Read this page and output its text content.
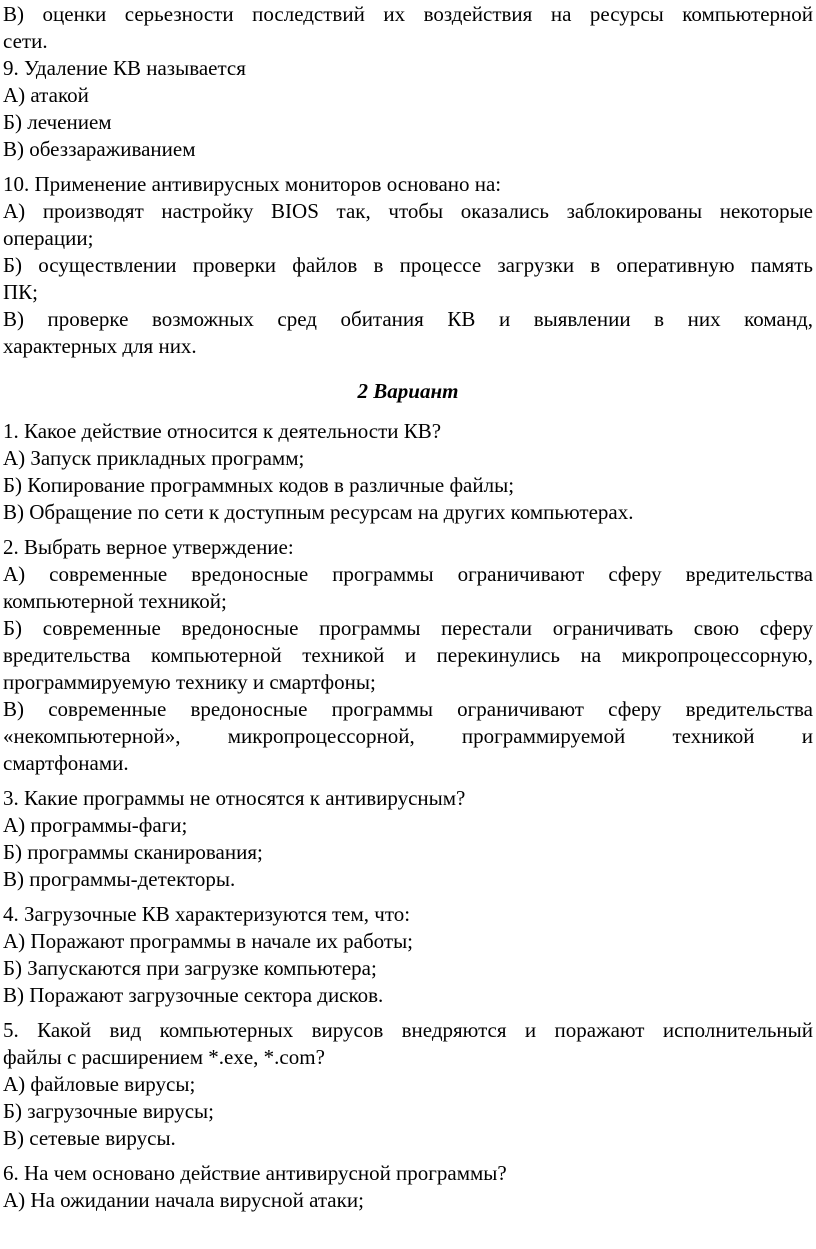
В) оценки серьезности последствий их воздействия на ресурсы компьютерной
сети.
9. Удаление КВ называется
А) атакой
Б) лечением
В) обеззараживанием
10. Применение антивирусных мониторов основано на:
А) производят настройку BIOS так, чтобы оказались заблокированы некоторые
операции;
Б) осуществлении проверки файлов в процессе загрузки в оперативную память
ПК;
В) проверке возможных сред обитания КВ и выявлении в них команд,
характерных для них.
2 Вариант
1. Какое действие относится к деятельности КВ?
А) Запуск прикладных программ;
Б) Копирование программных кодов в различные файлы;
В) Обращение по сети к доступным ресурсам на других компьютерах.
2. Выбрать верное утверждение:
А) современные вредоносные программы ограничивают сферу вредительства
компьютерной техникой;
Б) современные вредоносные программы перестали ограничивать свою сферу
вредительства компьютерной техникой и перекинулись на микропроцессорную,
программируемую технику и смартфоны;
В) современные вредоносные программы ограничивают сферу вредительства
«некомпьютерной», микропроцессорной, программируемой техникой и
смартфонами.
3. Какие программы не относятся к антивирусным?
А) программы-фаги;
Б) программы сканирования;
В) программы-детекторы.
4. Загрузочные КВ характеризуются тем, что:
А) Поражают программы в начале их работы;
Б) Запускаются при загрузке компьютера;
В) Поражают загрузочные сектора дисков.
5. Какой вид компьютерных вирусов внедряются и поражают исполнительный
файлы с расширением *.exe, *.com?
А) файловые вирусы;
Б) загрузочные вирусы;
В) сетевые вирусы.
6. На чем основано действие антивирусной программы?
А) На ожидании начала вирусной атаки;
